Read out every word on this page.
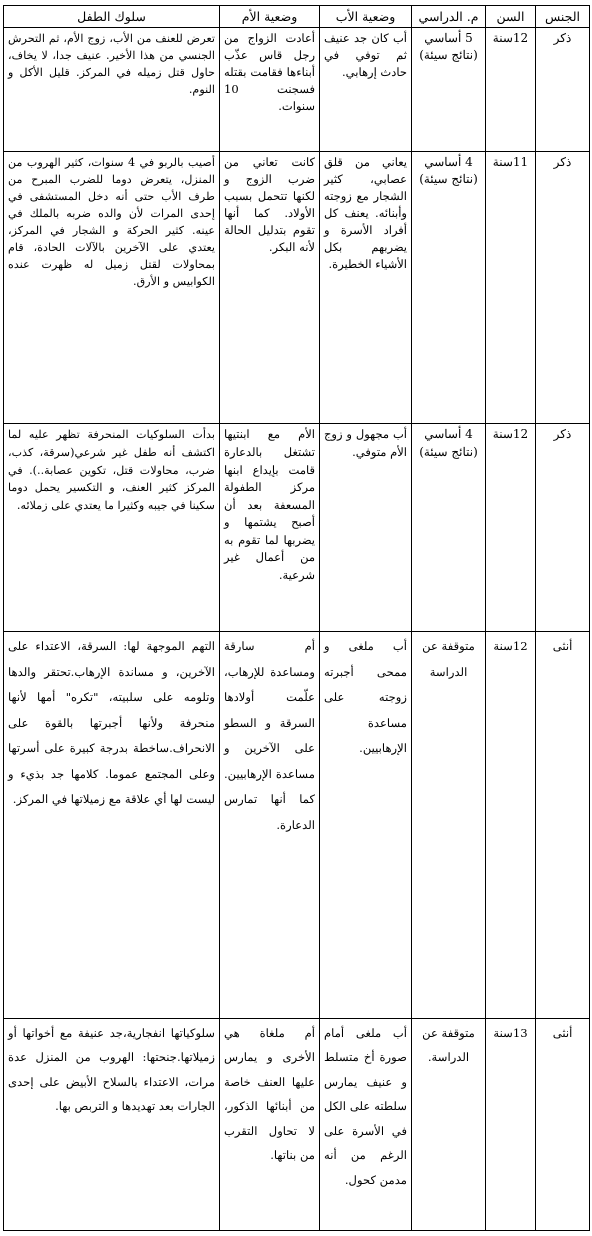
الجنس	السن	م. الدراسي	وضعية الأب	وضعية الأم	سلوك الطفل
ذكر	12سنة	5 أساسي (نتائج سيئة)	أب كان جد عنيف ثم توفي في حادث إرهابي.	أعادت الزواج من رجل قاس عذّب أبناءها فقامت بقتله فسجنت 10 سنوات.	تعرض للعنف من الأب، زوج الأم، ثم التحرش الجنسي من هذا الأخير. عنيف جدا، لا يخاف، حاول قتل زميله في المركز. قليل الأكل و النوم.
ذكر	11سنة	4 أساسي (نتائج سيئة)	يعاني من قلق عصابي، كثير الشجار مع زوجته وأبنائه. يعنف كل أفراد الأسرة و يضربهم بكل الأشياء الخطيرة.	كانت تعاني من ضرب الزوج و لكنها تتحمل بسبب الأولاد. كما أنها تقوم بتدليل الحالة لأنه البكر.	أصيب بالربو في 4 سنوات، كثير الهروب من المنزل، يتعرض دوما للضرب المبرح من طرف الأب حتى أنه دخل المستشفى في إحدى المرات لأن والده ضربه بالملك في عينه. كثير الحركة و الشجار في المركز، يعتدي على الآخرين بالآلات الحادة، قام بمحاولات لقتل زميل له ظهرت عنده الكوابيس و الأرق.
ذكر	12سنة	4 أساسي (نتائج سيئة)	أب مجهول و زوج الأم متوفي.	الأم مع ابنتيها تشتغل بالدعارة قامت بإيداع ابنها مركز الطفولة المسعفة بعد أن أصبح يشتمها و يضربها لما تقوم به من أعمال غير شرعية.	بدأت السلوكيات المنحرفة تظهر عليه لما اكتشف أنه طفل غير شرعي(سرقة، كذب، ضرب، محاولات قتل، تكوين عصابة..). في المركز كثير العنف، و التكسير يحمل دوما سكينا في جيبه وكثيرا ما يعتدي على زملائه.
أنثى	12سنة	متوقفة عن الدراسة	أب ملغى و ممحى أجبرته زوجته على مساعدة الإرهابيين.	أم سارقة ومساعدة للإرهاب، علّمت أولادها السرقة و السطو على الآخرين و مساعدة الإرهابيين. كما أنها تمارس الدعارة.	التهم الموجهة لها: السرقة، الاعتداء على الآخرين، و مساندة الإرهاب.تحتقر والدها وتلومه على سلبيته، "تكره" أمها لأنها منحرفة ولأنها أجبرتها بالقوة على الانحراف.ساخطة بدرجة كبيرة على أسرتها وعلى المجتمع عموما. كلامها جد بذيء و ليست لها أي علاقة مع زميلاتها في المركز.
أنثى	13سنة	متوقفة عن الدراسة.	أب ملغى أمام صورة أخ متسلط و عنيف يمارس سلطته على الكل في الأسرة على الرغم من أنه مدمن كحول.	أم ملغاة هي الأخرى و يمارس عليها العنف خاصة من أبنائها الذكور، لا تحاول التقرب من بناتها.	سلوكياتها انفجارية،جد عنيفة مع أخواتها أو زميلاتها.جنحتها: الهروب من المنزل عدة مرات، الاعتداء بالسلاح الأبيض على إحدى الجارات بعد تهديدها و التربص بها.
